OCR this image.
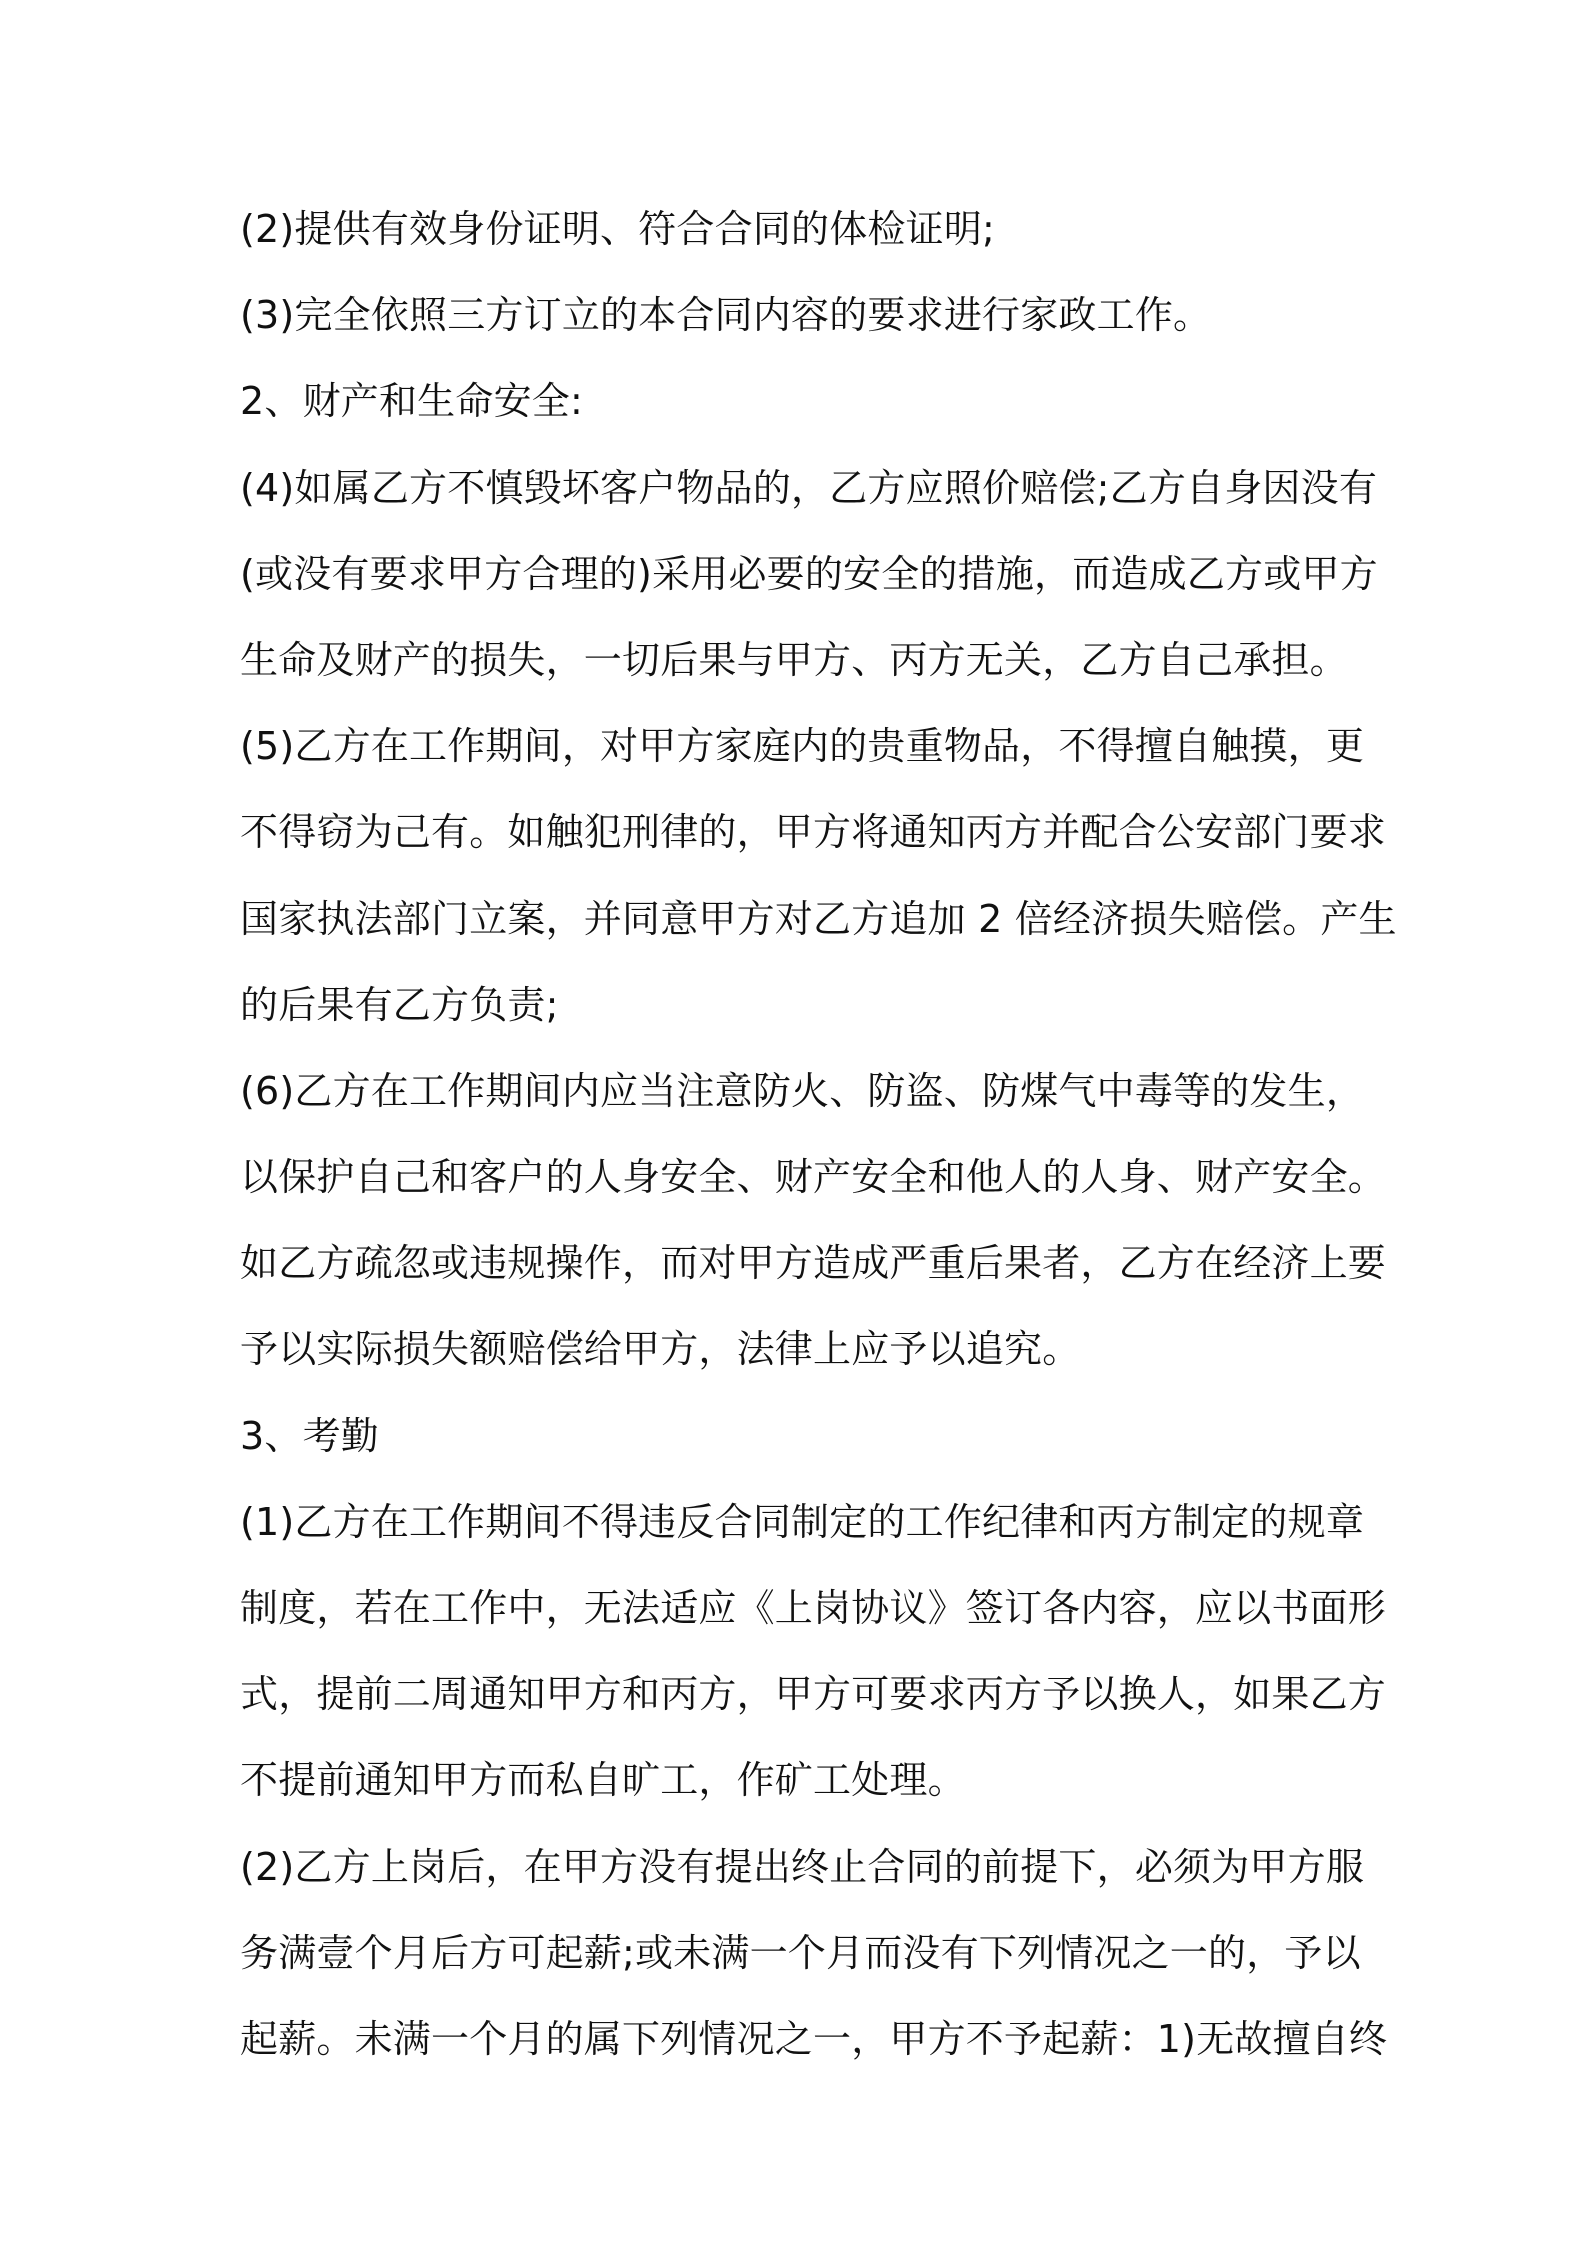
(2)提供有效身份证明、符合合同的体检证明;
(3)完全依照三方订立的本合同内容的要求进行家政工作。
2、财产和生命安全:
(4)如属乙方不慎毁坏客户物品的，乙方应照价赔偿;乙方自身因没有
(或没有要求甲方合理的)采用必要的安全的措施，而造成乙方或甲方
生命及财产的损失，一切后果与甲方、丙方无关，乙方自己承担。
(5)乙方在工作期间，对甲方家庭内的贵重物品，不得擅自触摸，更
不得窃为己有。如触犯刑律的，甲方将通知丙方并配合公安部门要求
国家执法部门立案，并同意甲方对乙方追加 2 倍经济损失赔偿。产生
的后果有乙方负责;
(6)乙方在工作期间内应当注意防火、防盗、防煤气中毒等的发生，
以保护自己和客户的人身安全、财产安全和他人的人身、财产安全。
如乙方疏忽或违规操作，而对甲方造成严重后果者，乙方在经济上要
予以实际损失额赔偿给甲方，法律上应予以追究。
3、考勤
(1)乙方在工作期间不得违反合同制定的工作纪律和丙方制定的规章
制度，若在工作中，无法适应《上岗协议》签订各内容，应以书面形
式，提前二周通知甲方和丙方，甲方可要求丙方予以换人，如果乙方
不提前通知甲方而私自旷工，作矿工处理。
(2)乙方上岗后，在甲方没有提出终止合同的前提下，必须为甲方服
务满壹个月后方可起薪;或未满一个月而没有下列情况之一的，予以
起薪。未满一个月的属下列情况之一，甲方不予起薪：1)无故擅自终
